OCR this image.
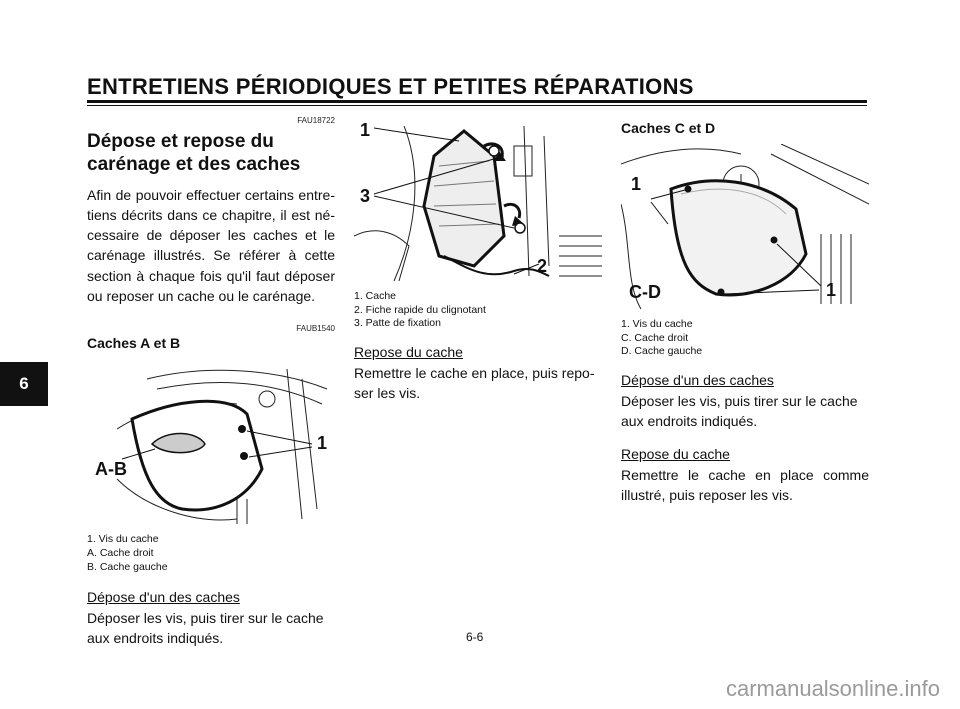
ENTRETIENS PÉRIODIQUES ET PETITES RÉPARATIONS
6

FAU18722

Dépose et repose du carénage et des caches

Afin de pouvoir effectuer certains entretiens décrits dans ce chapitre, il est nécessaire de déposer les caches et le carénage illustrés. Se référer à cette section à chaque fois qu'il faut déposer ou reposer un cache ou le carénage.

FAUB1540

Caches A et B
1
A-B
1. Vis du cache
A. Cache droit
B. Cache gauche

Dépose d'un des caches

Déposer les vis, puis tirer sur le cache aux endroits indiqués.

1
3
2
1. Cache
2. Fiche rapide du clignotant
3. Patte de fixation

Repose du cache

Remettre le cache en place, puis reposer les vis.

Caches C et D
1
1
C-D
1. Vis du cache
C. Cache droit
D. Cache gauche

Dépose d'un des caches

Déposer les vis, puis tirer sur le cache aux endroits indiqués.

Repose du cache

Remettre le cache en place comme illustré, puis reposer les vis.

6-6
carmanualsonline.info
